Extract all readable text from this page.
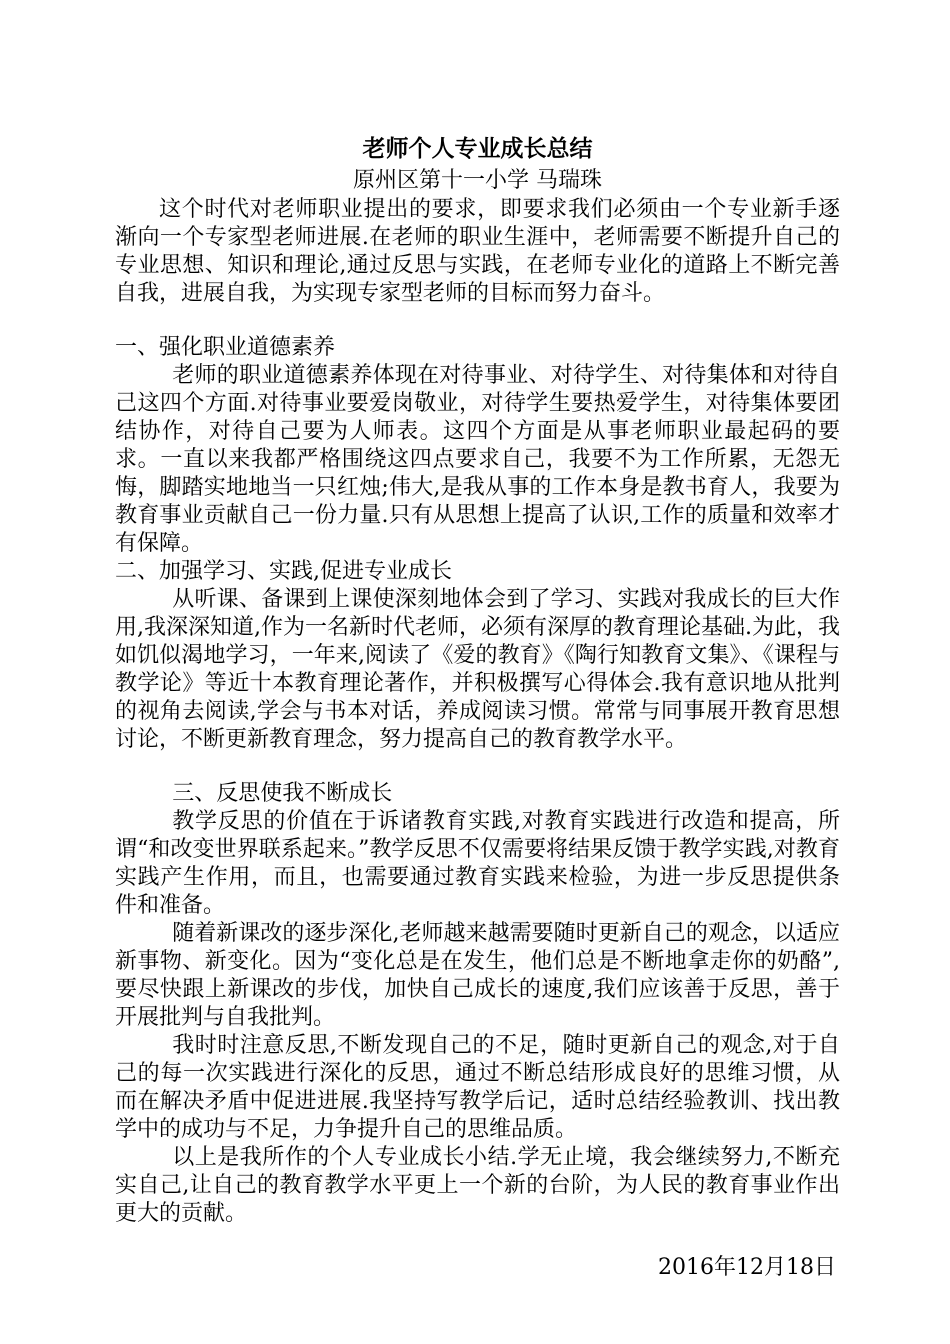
老师个人专业成长总结
原州区第十一小学 马瑞珠

这个时代对老师职业提出的要求，即要求我们必须由一个专业新手逐渐向一个专家型老师进展.在老师的职业生涯中，老师需要不断提升自己的专业思想、知识和理论,通过反思与实践，在老师专业化的道路上不断完善自我，进展自我，为实现专家型老师的目标而努力奋斗。

一、强化职业道德素养

老师的职业道德素养体现在对待事业、对待学生、对待集体和对待自己这四个方面.对待事业要爱岗敬业，对待学生要热爱学生，对待集体要团结协作，对待自己要为人师表。这四个方面是从事老师职业最起码的要求。一直以来我都严格围绕这四点要求自己，我要不为工作所累，无怨无悔，脚踏实地地当一只红烛;伟大,是我从事的工作本身是教书育人，我要为教育事业贡献自己一份力量.只有从思想上提高了认识,工作的质量和效率才有保障。

二、加强学习、实践,促进专业成长

从听课、备课到上课使深刻地体会到了学习、实践对我成长的巨大作用,我深深知道,作为一名新时代老师，必须有深厚的教育理论基础.为此，我如饥似渴地学习，一年来,阅读了《爱的教育》《陶行知教育文集》、《课程与教学论》等近十本教育理论著作，并积极撰写心得体会.我有意识地从批判的视角去阅读,学会与书本对话，养成阅读习惯。常常与同事展开教育思想讨论，不断更新教育理念，努力提高自己的教育教学水平。

三、反思使我不断成长

教学反思的价值在于诉诸教育实践,对教育实践进行改造和提高，所谓“和改变世界联系起来。”教学反思不仅需要将结果反馈于教学实践,对教育实践产生作用，而且，也需要通过教育实践来检验，为进一步反思提供条件和准备。

随着新课改的逐步深化,老师越来越需要随时更新自己的观念，以适应新事物、新变化。因为“变化总是在发生，他们总是不断地拿走你的奶酪”,要尽快跟上新课改的步伐，加快自己成长的速度,我们应该善于反思，善于开展批判与自我批判。

我时时注意反思,不断发现自己的不足，随时更新自己的观念,对于自己的每一次实践进行深化的反思，通过不断总结形成良好的思维习惯，从而在解决矛盾中促进进展.我坚持写教学后记，适时总结经验教训、找出教学中的成功与不足，力争提升自己的思维品质。

以上是我所作的个人专业成长小结.学无止境，我会继续努力,不断充实自己,让自己的教育教学水平更上一个新的台阶，为人民的教育事业作出更大的贡献。

2016年12月18日
